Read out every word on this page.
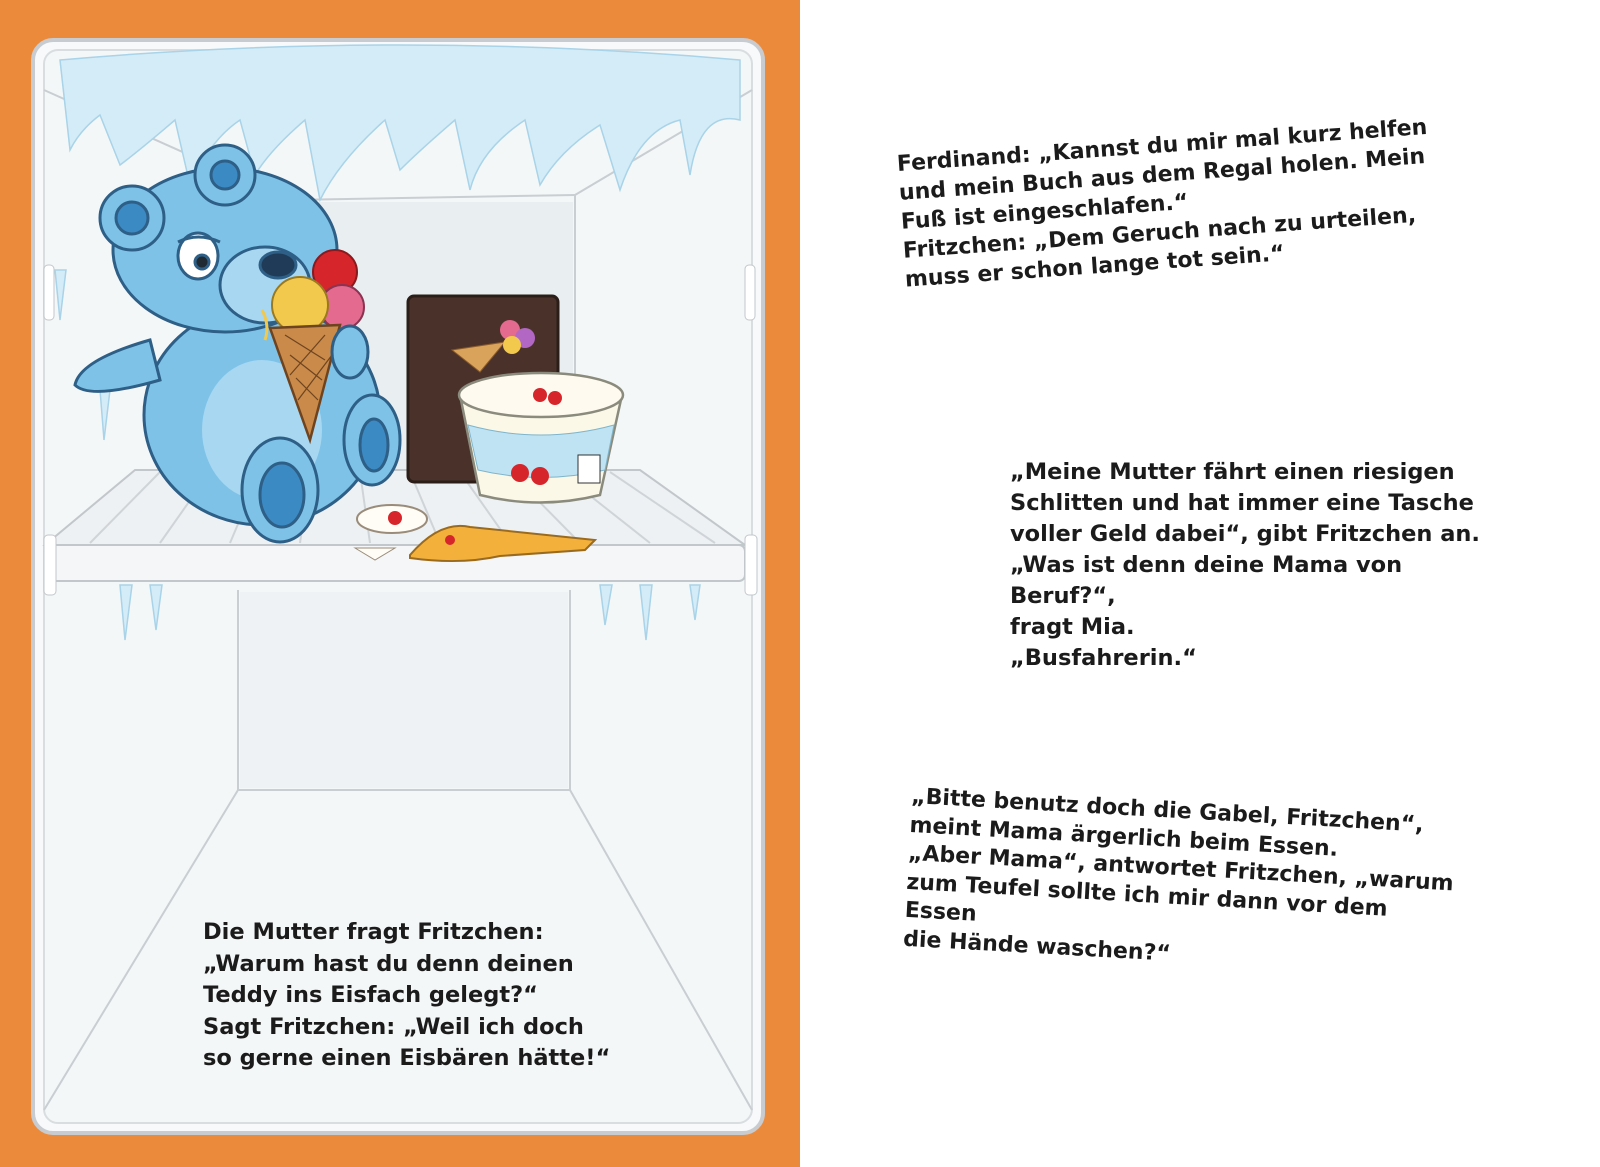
Die Mutter fragt Fritzchen:
„Warum hast du denn deinen
Teddy ins Eisfach gelegt?“
Sagt Fritzchen: „Weil ich doch
so gerne einen Eisbären hätte!“

Ferdinand: „Kannst du mir mal kurz helfen
und mein Buch aus dem Regal holen. Mein
Fuß ist eingeschlafen.“
Fritzchen: „Dem Geruch nach zu urteilen,
muss er schon lange tot sein.“

„Meine Mutter fährt einen riesigen
Schlitten und hat immer eine Tasche
voller Geld dabei“, gibt Fritzchen an.
„Was ist denn deine Mama von Beruf?“,
fragt Mia.
„Busfahrerin.“

„Bitte benutz doch die Gabel, Fritzchen“,
meint Mama ärgerlich beim Essen.
„Aber Mama“, antwortet Fritzchen, „warum
zum Teufel sollte ich mir dann vor dem Essen
die Hände waschen?“
